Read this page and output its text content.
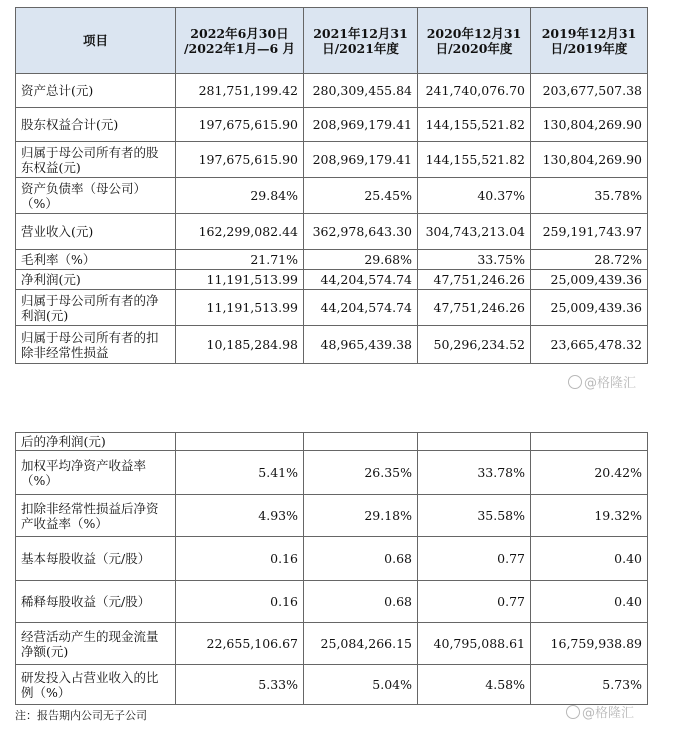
项目	2022年6月30日 /2022年1月—6 月	2021年12月31 日/2021年度	2020年12月31 日/2020年度	2019年12月31 日/2019年度
资产总计(元)	281,751,199.42	280,309,455.84	241,740,076.70	203,677,507.38
股东权益合计(元)	197,675,615.90	208,969,179.41	144,155,521.82	130,804,269.90
归属于母公司所有者的股东权益(元)	197,675,615.90	208,969,179.41	144,155,521.82	130,804,269.90
资产负债率（母公司）（%）	29.84%	25.45%	40.37%	35.78%
营业收入(元)	162,299,082.44	362,978,643.30	304,743,213.04	259,191,743.97
毛利率（%）	21.71%	29.68%	33.75%	28.72%
净利润(元)	11,191,513.99	44,204,574.74	47,751,246.26	25,009,439.36
归属于母公司所有者的净利润(元)	11,191,513.99	44,204,574.74	47,751,246.26	25,009,439.36
归属于母公司所有者的扣除非经常性损益	10,185,284.98	48,965,439.38	50,296,234.52	23,665,478.32
@格隆汇
后的净利润(元)				
加权平均净资产收益率（%）	5.41%	26.35%	33.78%	20.42%
扣除非经常性损益后净资产收益率（%）	4.93%	29.18%	35.58%	19.32%
基本每股收益（元/股）	0.16	0.68	0.77	0.40
稀释每股收益（元/股）	0.16	0.68	0.77	0.40
经营活动产生的现金流量净额(元)	22,655,106.67	25,084,266.15	40,795,088.61	16,759,938.89
研发投入占营业收入的比例（%）	5.33%	5.04%	4.58%	5.73%
注：报告期内公司无子公司	@格隆汇
